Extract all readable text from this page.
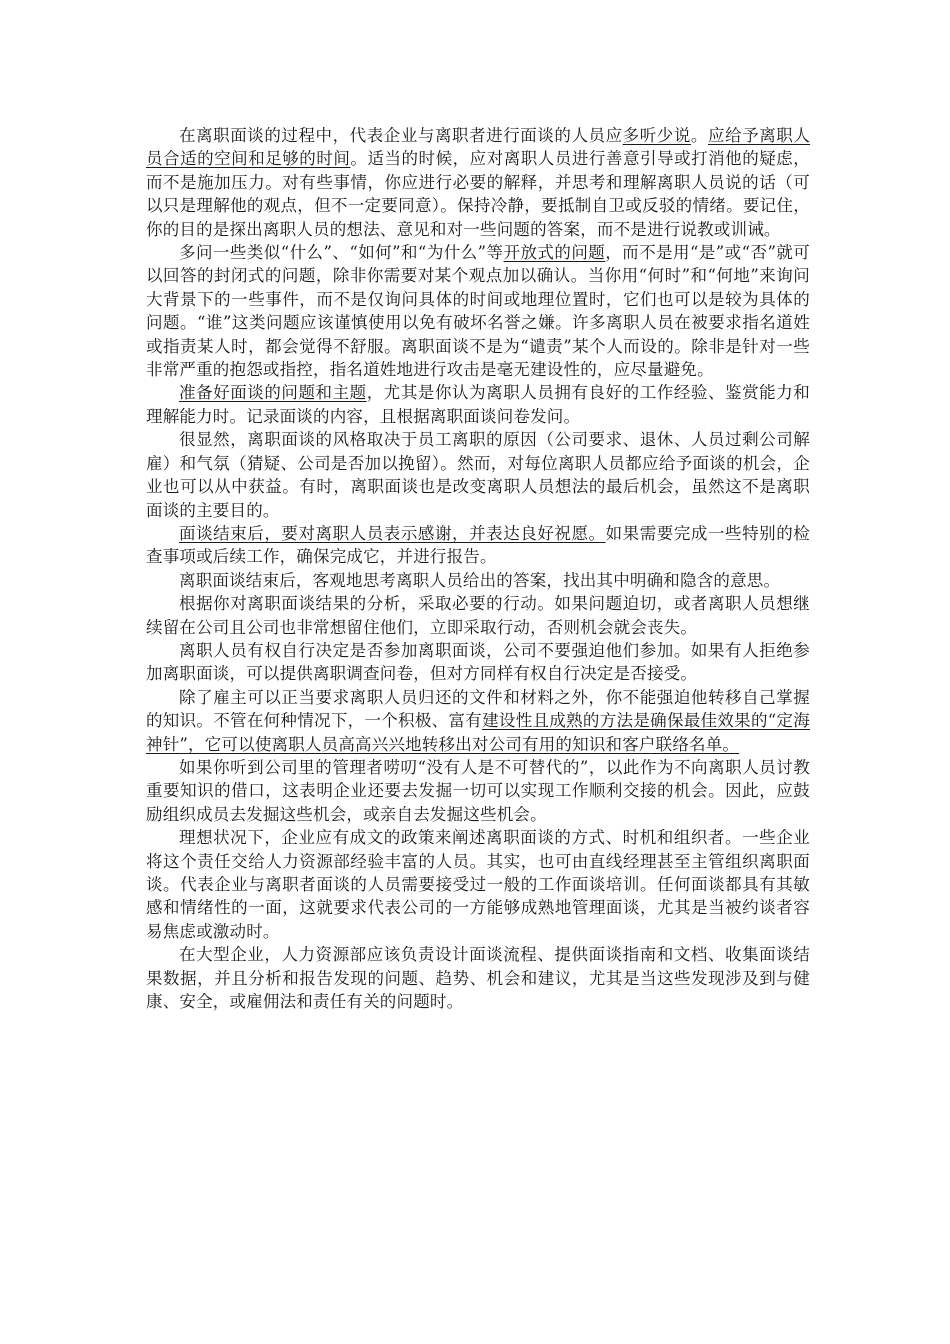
在离职面谈的过程中，代表企业与离职者进行面谈的人员应多听少说。应给予离职人员合适的空间和足够的时间。适当的时候，应对离职人员进行善意引导或打消他的疑虑，而不是施加压力。对有些事情，你应进行必要的解释，并思考和理解离职人员说的话（可以只是理解他的观点，但不一定要同意）。保持冷静，要抵制自卫或反驳的情绪。要记住，你的目的是探出离职人员的想法、意见和对一些问题的答案，而不是进行说教或训诫。

多问一些类似“什么”、“如何”和“为什么”等开放式的问题，而不是用“是”或“否”就可以回答的封闭式的问题，除非你需要对某个观点加以确认。当你用“何时”和“何地”来询问大背景下的一些事件，而不是仅询问具体的时间或地理位置时，它们也可以是较为具体的问题。“谁”这类问题应该谨慎使用以免有破坏名誉之嫌。许多离职人员在被要求指名道姓或指责某人时，都会觉得不舒服。离职面谈不是为“谴责”某个人而设的。除非是针对一些非常严重的抱怨或指控，指名道姓地进行攻击是毫无建设性的，应尽量避免。

准备好面谈的问题和主题，尤其是你认为离职人员拥有良好的工作经验、鉴赏能力和理解能力时。记录面谈的内容，且根据离职面谈问卷发问。

很显然，离职面谈的风格取决于员工离职的原因（公司要求、退休、人员过剩公司解雇）和气氛（猜疑、公司是否加以挽留）。然而，对每位离职人员都应给予面谈的机会，企业也可以从中获益。有时，离职面谈也是改变离职人员想法的最后机会，虽然这不是离职面谈的主要目的。

面谈结束后，要对离职人员表示感谢，并表达良好祝愿。如果需要完成一些特别的检查事项或后续工作，确保完成它，并进行报告。

离职面谈结束后，客观地思考离职人员给出的答案，找出其中明确和隐含的意思。

根据你对离职面谈结果的分析，采取必要的行动。如果问题迫切，或者离职人员想继续留在公司且公司也非常想留住他们，立即采取行动，否则机会就会丧失。

离职人员有权自行决定是否参加离职面谈，公司不要强迫他们参加。如果有人拒绝参加离职面谈，可以提供离职调查问卷，但对方同样有权自行决定是否接受。

除了雇主可以正当要求离职人员归还的文件和材料之外，你不能强迫他转移自己掌握的知识。不管在何种情况下，一个积极、富有建设性且成熟的方法是确保最佳效果的“定海神针”，它可以使离职人员高高兴兴地转移出对公司有用的知识和客户联络名单。

如果你听到公司里的管理者唠叨“没有人是不可替代的”，以此作为不向离职人员讨教重要知识的借口，这表明企业还要去发掘一切可以实现工作顺利交接的机会。因此，应鼓励组织成员去发掘这些机会，或亲自去发掘这些机会。

理想状况下，企业应有成文的政策来阐述离职面谈的方式、时机和组织者。一些企业将这个责任交给人力资源部经验丰富的人员。其实，也可由直线经理甚至主管组织离职面谈。代表企业与离职者面谈的人员需要接受过一般的工作面谈培训。任何面谈都具有其敏感和情绪性的一面，这就要求代表公司的一方能够成熟地管理面谈，尤其是当被约谈者容易焦虑或激动时。

在大型企业，人力资源部应该负责设计面谈流程、提供面谈指南和文档、收集面谈结果数据，并且分析和报告发现的问题、趋势、机会和建议，尤其是当这些发现涉及到与健康、安全，或雇佣法和责任有关的问题时。
